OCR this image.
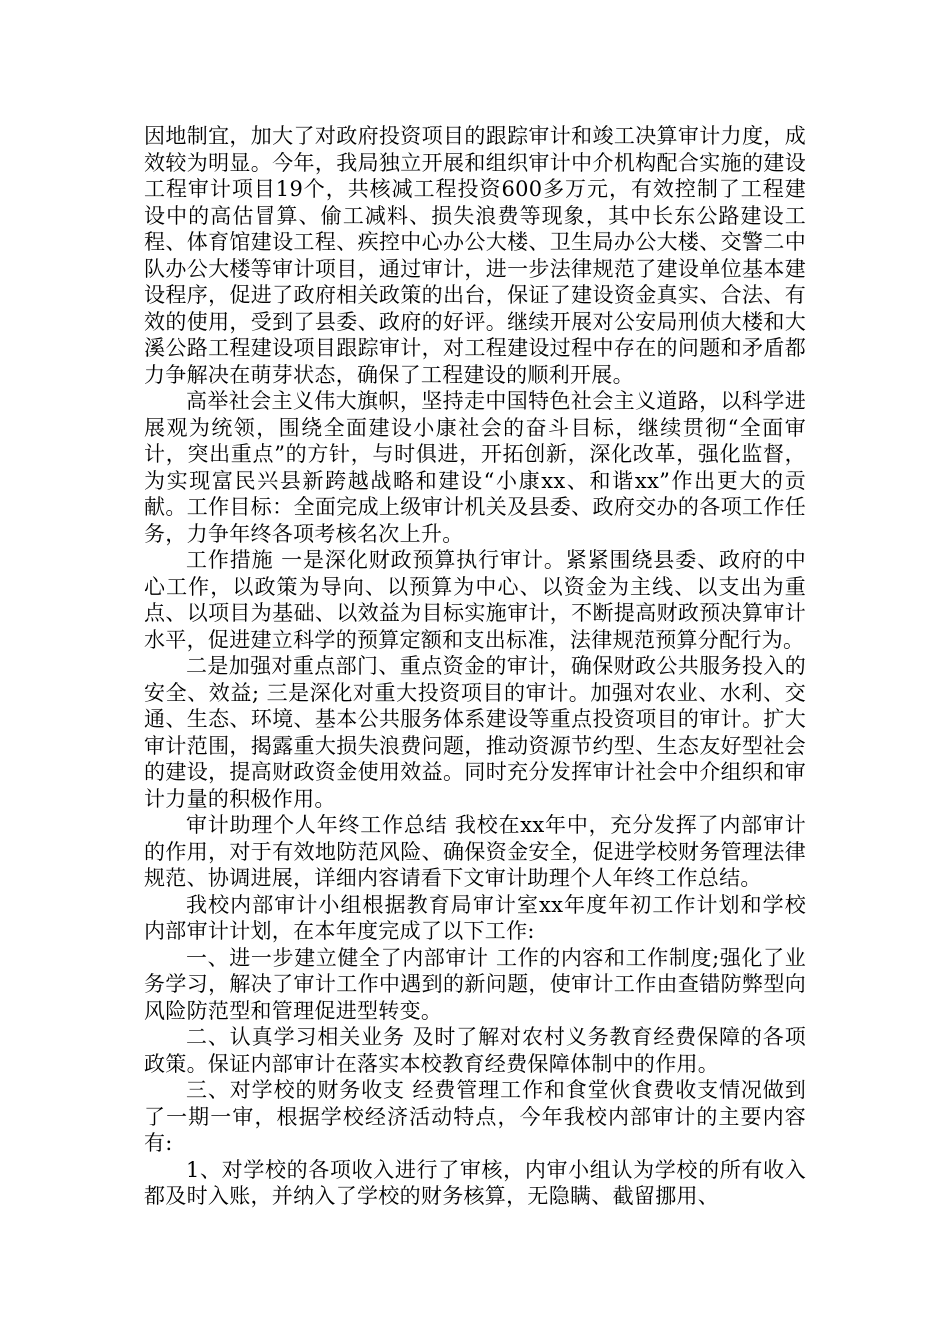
因地制宜，加大了对政府投资项目的跟踪审计和竣工决算审计力度，成效较为明显。今年，我局独立开展和组织审计中介机构配合实施的建设工程审计项目19个，共核减工程投资600多万元，有效控制了工程建设中的高估冒算、偷工减料、损失浪费等现象，其中长东公路建设工程、体育馆建设工程、疾控中心办公大楼、卫生局办公大楼、交警二中队办公大楼等审计项目，通过审计，进一步法律规范了建设单位基本建设程序，促进了政府相关政策的出台，保证了建设资金真实、合法、有效的使用，受到了县委、政府的好评。继续开展对公安局刑侦大楼和大溪公路工程建设项目跟踪审计，对工程建设过程中存在的问题和矛盾都力争解决在萌芽状态，确保了工程建设的顺利开展。

高举社会主义伟大旗帜，坚持走中国特色社会主义道路，以科学进展观为统领，围绕全面建设小康社会的奋斗目标，继续贯彻“全面审计，突出重点”的方针，与时俱进，开拓创新，深化改革，强化监督，为实现富民兴县新跨越战略和建设“小康xx、和谐xx”作出更大的贡献。工作目标：全面完成上级审计机关及县委、政府交办的各项工作任务，力争年终各项考核名次上升。

工作措施 一是深化财政预算执行审计。紧紧围绕县委、政府的中心工作，以政策为导向、以预算为中心、以资金为主线、以支出为重点、以项目为基础、以效益为目标实施审计，不断提高财政预决算审计水平，促进建立科学的预算定额和支出标准，法律规范预算分配行为。

二是加强对重点部门、重点资金的审计，确保财政公共服务投入的安全、效益; 三是深化对重大投资项目的审计。加强对农业、水利、交通、生态、环境、基本公共服务体系建设等重点投资项目的审计。扩大审计范围，揭露重大损失浪费问题，推动资源节约型、生态友好型社会的建设，提高财政资金使用效益。同时充分发挥审计社会中介组织和审计力量的积极作用。

审计助理个人年终工作总结 我校在xx年中，充分发挥了内部审计的作用，对于有效地防范风险、确保资金安全，促进学校财务管理法律规范、协调进展，详细内容请看下文审计助理个人年终工作总结。

我校内部审计小组根据教育局审计室xx年度年初工作计划和学校内部审计计划，在本年度完成了以下工作:

一、进一步建立健全了内部审计 工作的内容和工作制度;强化了业务学习，解决了审计工作中遇到的新问题，使审计工作由查错防弊型向风险防范型和管理促进型转变。

二、认真学习相关业务 及时了解对农村义务教育经费保障的各项政策。保证内部审计在落实本校教育经费保障体制中的作用。

三、对学校的财务收支 经费管理工作和食堂伙食费收支情况做到了一期一审，根据学校经济活动特点，今年我校内部审计的主要内容有:

1、对学校的各项收入进行了审核，内审小组认为学校的所有收入都及时入账，并纳入了学校的财务核算，无隐瞒、截留挪用、
